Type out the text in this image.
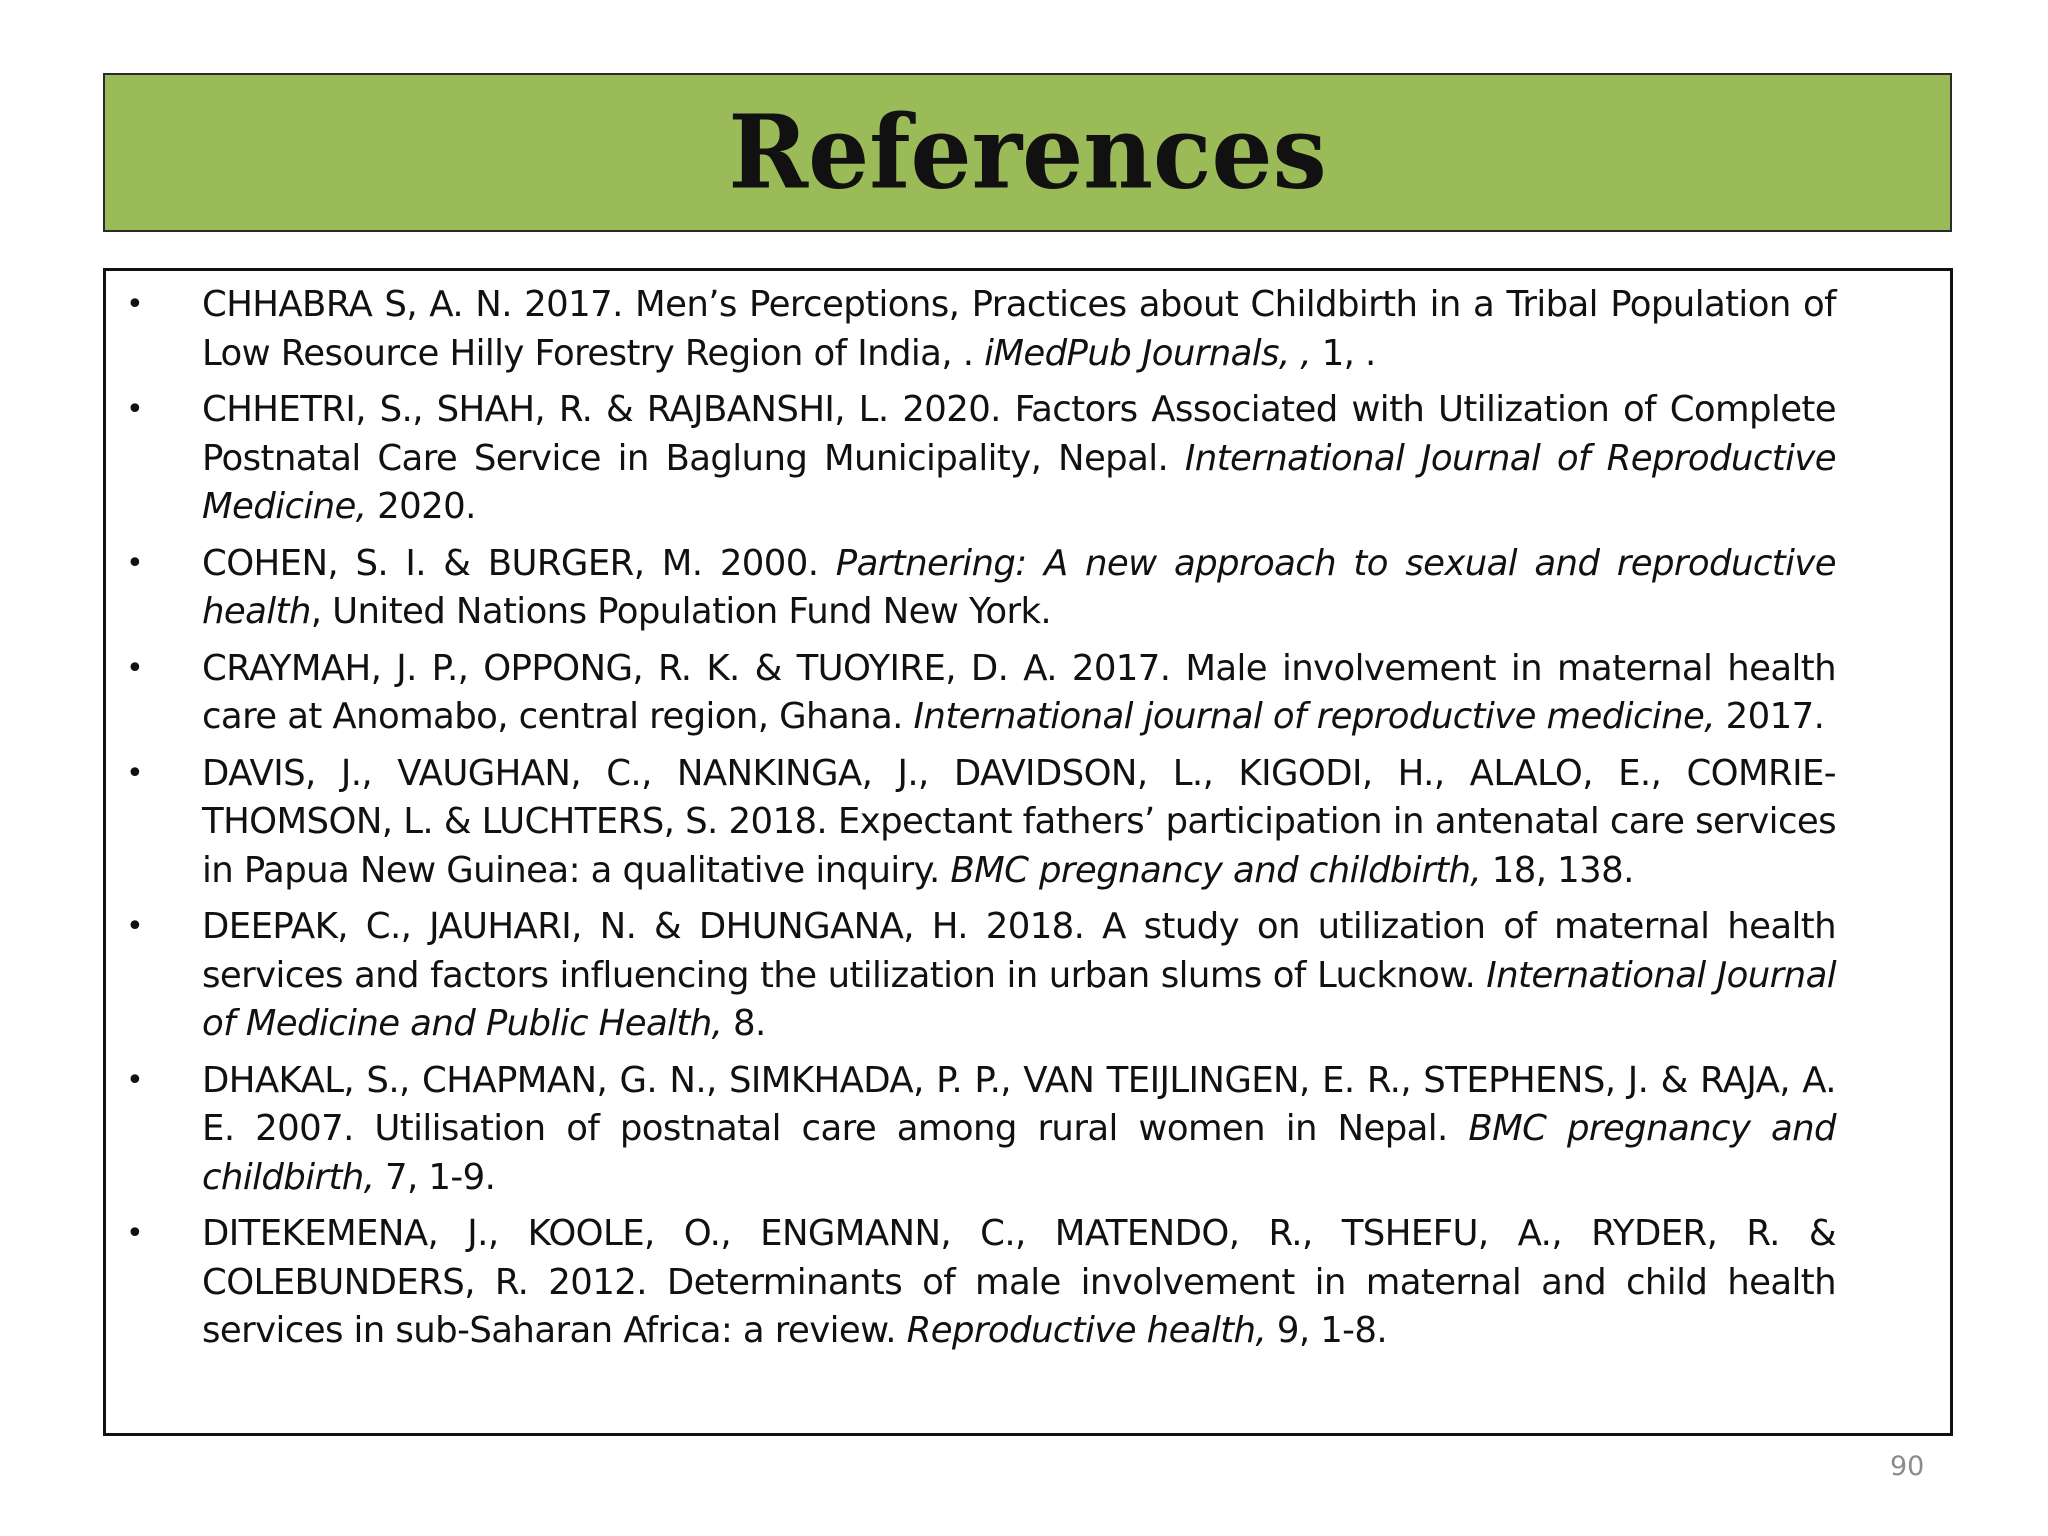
References
• CHHABRA S, A. N. 2017. Men’s Perceptions, Practices about Childbirth in a Tribal Population of Low Resource Hilly Forestry Region of India, . iMedPub Journals, , 1, .
• CHHETRI, S., SHAH, R. & RAJBANSHI, L. 2020. Factors Associated with Utilization of Complete Postnatal Care Service in Baglung Municipality, Nepal. International Journal of Reproductive Medicine, 2020.
• COHEN, S. I. & BURGER, M. 2000. Partnering: A new approach to sexual and reproductive health, United Nations Population Fund New York.
• CRAYMAH, J. P., OPPONG, R. K. & TUOYIRE, D. A. 2017. Male involvement in maternal health care at Anomabo, central region, Ghana. International journal of reproductive medicine, 2017.
• DAVIS, J., VAUGHAN, C., NANKINGA, J., DAVIDSON, L., KIGODI, H., ALALO, E., COMRIE-THOMSON, L. & LUCHTERS, S. 2018. Expectant fathers’ participation in antenatal care services in Papua New Guinea: a qualitative inquiry. BMC pregnancy and childbirth, 18, 138.
• DEEPAK, C., JAUHARI, N. & DHUNGANA, H. 2018. A study on utilization of maternal health services and factors influencing the utilization in urban slums of Lucknow. International Journal of Medicine and Public Health, 8.
• DHAKAL, S., CHAPMAN, G. N., SIMKHADA, P. P., VAN TEIJLINGEN, E. R., STEPHENS, J. & RAJA, A. E. 2007. Utilisation of postnatal care among rural women in Nepal. BMC pregnancy and childbirth, 7, 1-9.
• DITEKEMENA, J., KOOLE, O., ENGMANN, C., MATENDO, R., TSHEFU, A., RYDER, R. & COLEBUNDERS, R. 2012. Determinants of male involvement in maternal and child health services in sub-Saharan Africa: a review. Reproductive health, 9, 1-8.
90
